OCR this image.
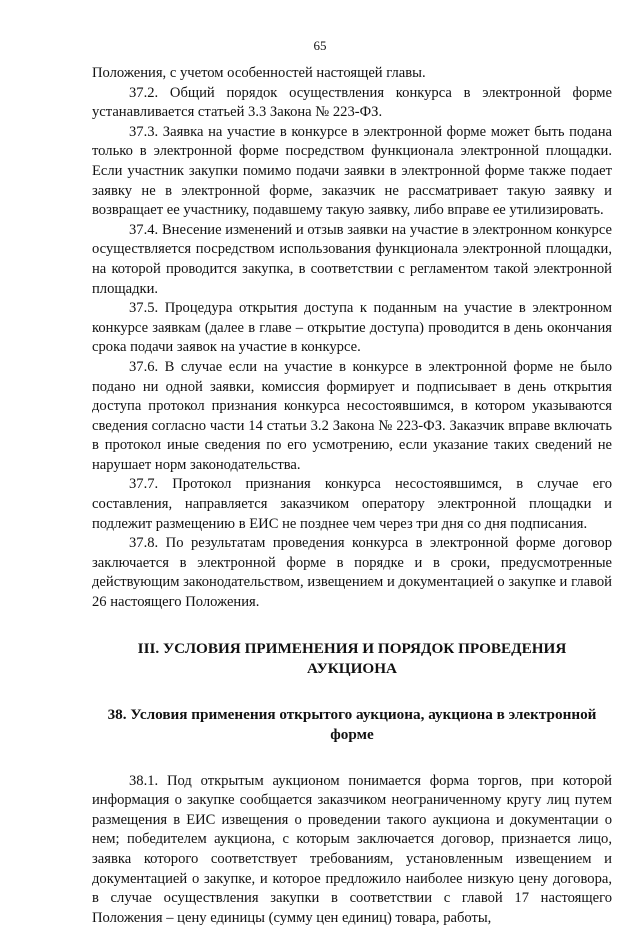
65

Положения, с учетом особенностей настоящей главы.

37.2. Общий порядок осуществления конкурса в электронной форме устанавливается статьей 3.3 Закона № 223-ФЗ.

37.3. Заявка на участие в конкурсе в электронной форме может быть подана только в электронной форме посредством функционала электронной площадки. Если участник закупки помимо подачи заявки в электронной форме также подает заявку не в электронной форме, заказчик не рассматривает такую заявку и возвращает ее участнику, подавшему такую заявку, либо вправе ее утилизировать.

37.4. Внесение изменений и отзыв заявки на участие в электронном конкурсе осуществляется посредством использования функционала электронной площадки, на которой проводится закупка, в соответствии с регламентом такой электронной площадки.

37.5. Процедура открытия доступа к поданным на участие в электронном конкурсе заявкам (далее в главе – открытие доступа) проводится в день окончания срока подачи заявок на участие в конкурсе.

37.6. В случае если на участие в конкурсе в электронной форме не было подано ни одной заявки, комиссия формирует и подписывает в день открытия доступа протокол признания конкурса несостоявшимся, в котором указываются сведения согласно части 14 статьи 3.2 Закона № 223-ФЗ. Заказчик вправе включать в протокол иные сведения по его усмотрению, если указание таких сведений не нарушает норм законодательства.

37.7. Протокол признания конкурса несостоявшимся, в случае его составления, направляется заказчиком оператору электронной площадки и подлежит размещению в ЕИС не позднее чем через три дня со дня подписания.

37.8. По результатам проведения конкурса в электронной форме договор заключается в электронной форме в порядке и в сроки, предусмотренные действующим законодательством, извещением и документацией о закупке и главой 26 настоящего Положения.

III. УСЛОВИЯ ПРИМЕНЕНИЯ И ПОРЯДОК ПРОВЕДЕНИЯ

АУКЦИОНА

38. Условия применения открытого аукциона, аукциона в электронной

форме

38.1. Под открытым аукционом понимается форма торгов, при которой информация о закупке сообщается заказчиком неограниченному кругу лиц путем размещения в ЕИС извещения о проведении такого аукциона и документации о нем; победителем аукциона, с которым заключается договор, признается лицо, заявка которого соответствует требованиям, установленным извещением и документацией о закупке, и которое предложило наиболее низкую цену договора, в случае осуществления закупки в соответствии с главой 17 настоящего Положения – цену единицы (сумму цен единиц) товара, работы,
